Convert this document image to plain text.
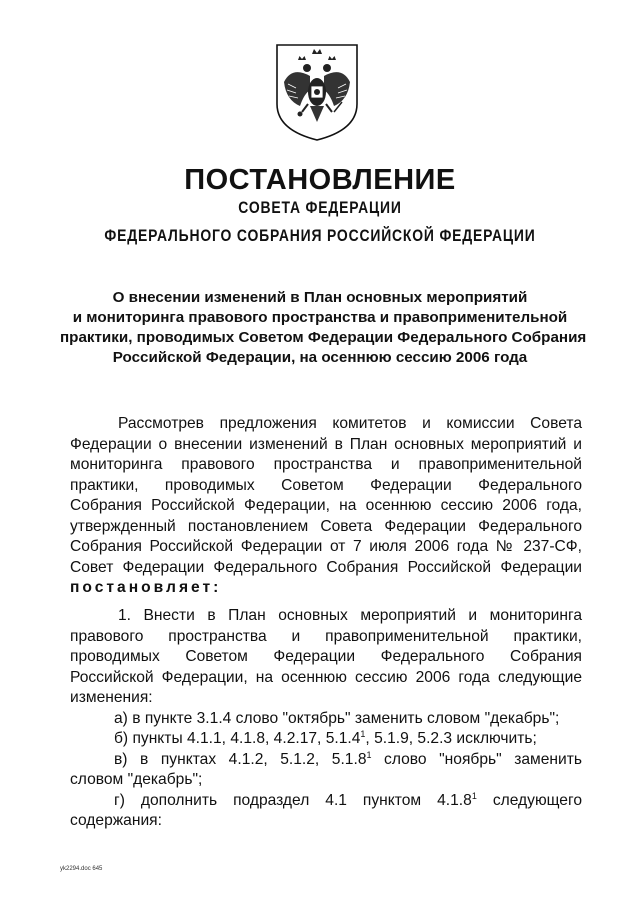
ПОСТАНОВЛЕНИЕ
СОВЕТА ФЕДЕРАЦИИ
ФЕДЕРАЛЬНОГО СОБРАНИЯ РОССИЙСКОЙ ФЕДЕРАЦИИ
О внесении изменений в План основных мероприятий
и мониторинга правового пространства и правоприменительной
практики, проводимых Советом Федерации Федерального Собрания
Российской Федерации, на осеннюю сессию 2006 года
Рассмотрев предложения комитетов и комиссии Совета
Федерации о внесении изменений в План основных мероприятий и
мониторинга правового пространства и правоприменительной
практики, проводимых Советом Федерации Федерального
Собрания Российской Федерации, на осеннюю сессию 2006 года,
утвержденный постановлением Совета Федерации Федерального
Собрания Российской Федерации от 7 июля 2006 года № 237-СФ,
Совет Федерации Федерального Собрания Российской Федерации
постановляет:
1. Внести в План основных мероприятий и мониторинга
правового пространства и правоприменительной практики,
проводимых Советом Федерации Федерального Собрания
Российской Федерации, на осеннюю сессию 2006 года следующие
изменения:
а) в пункте 3.1.4 слово "октябрь" заменить словом "декабрь";
б) пункты 4.1.1, 4.1.8, 4.2.17, 5.1.4$^1$, 5.1.9, 5.2.3 исключить;
в) в пунктах 4.1.2, 5.1.2, 5.1.8$^1$ слово "ноябрь" заменить
словом "декабрь";
г) дополнить подраздел 4.1 пунктом 4.1.8$^1$ следующего
содержания:
yk2294.doc 645
